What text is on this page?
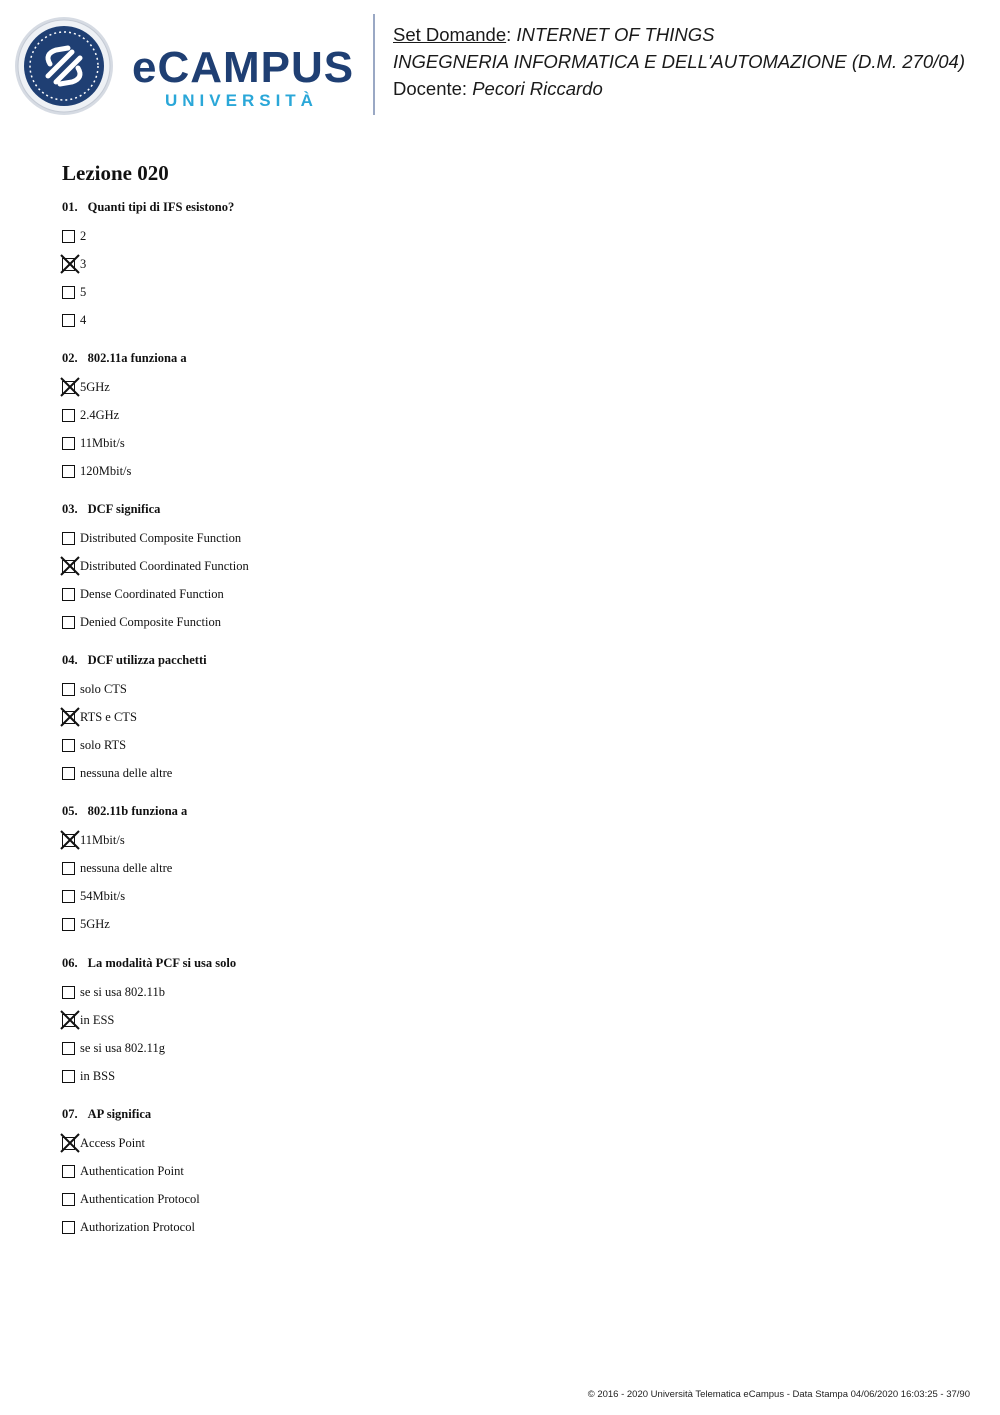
eCAMPUS
UNIVERSITÀ
Set Domande: INTERNET OF THINGS
INGEGNERIA INFORMATICA E DELL'AUTOMAZIONE (D.M. 270/04)
Docente: Pecori Riccardo
Lezione 020
01. Quanti tipi di IFS esistono?
2
3
5
4
02. 802.11a funziona a
5GHz
2.4GHz
11Mbit/s
120Mbit/s
03. DCF significa
Distributed Composite Function
Distributed Coordinated Function
Dense Coordinated Function
Denied Composite Function
04. DCF utilizza pacchetti
solo CTS
RTS e CTS
solo RTS
nessuna delle altre
05. 802.11b funziona a
11Mbit/s
nessuna delle altre
54Mbit/s
5GHz
06. La modalità PCF si usa solo
se si usa 802.11b
in ESS
se si usa 802.11g
in BSS
07. AP significa
Access Point
Authentication Point
Authentication Protocol
Authorization Protocol
© 2016 - 2020 Università Telematica eCampus - Data Stampa 04/06/2020 16:03:25 - 37/90
